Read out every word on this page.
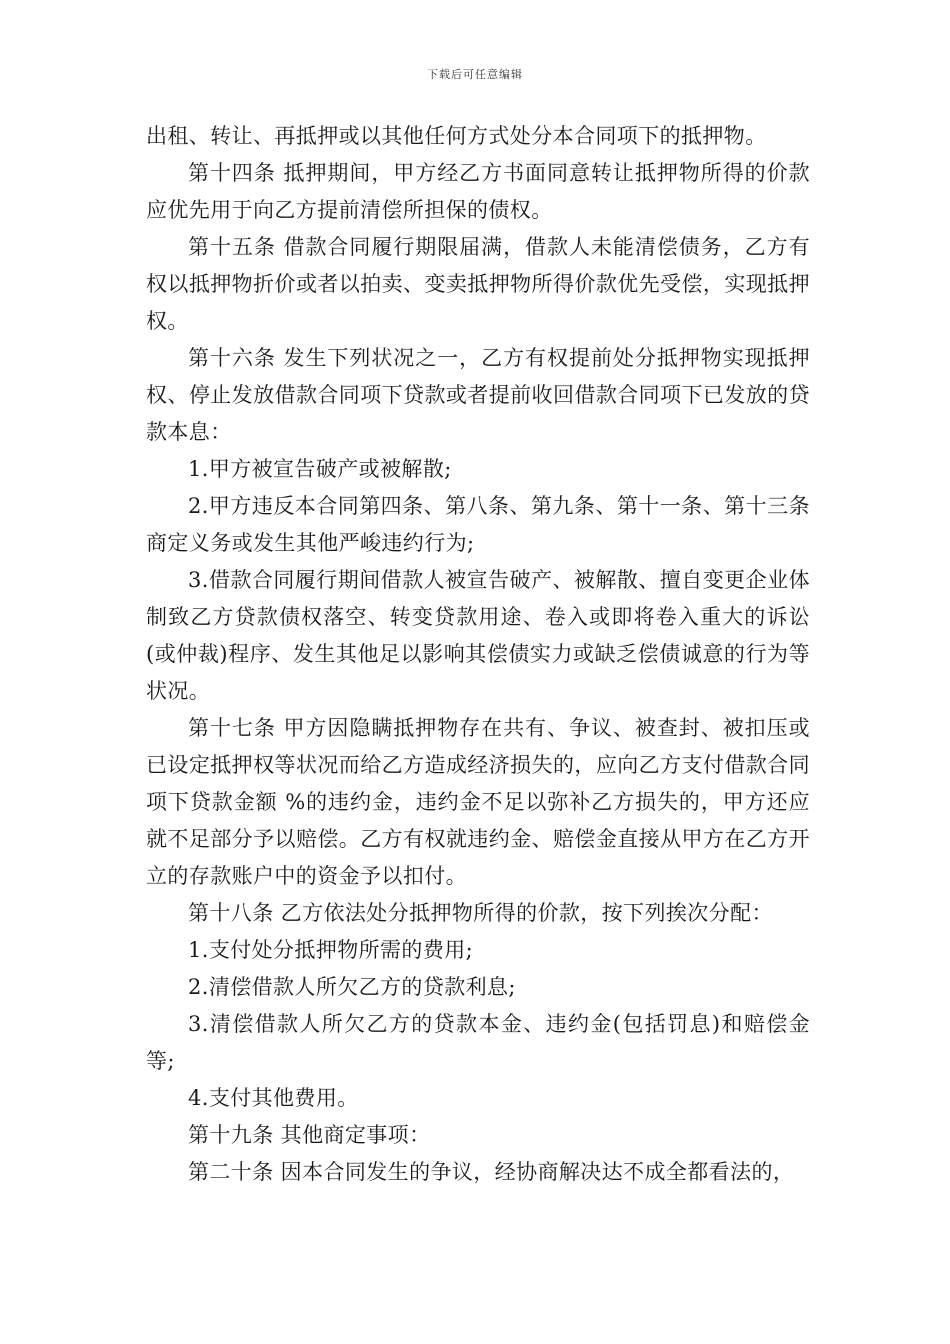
下载后可任意编辑

出租、转让、再抵押或以其他任何方式处分本合同项下的抵押物。

第十四条 抵押期间，甲方经乙方书面同意转让抵押物所得的价款应优先用于向乙方提前清偿所担保的债权。

第十五条 借款合同履行期限届满，借款人未能清偿债务，乙方有权以抵押物折价或者以拍卖、变卖抵押物所得价款优先受偿，实现抵押权。

第十六条 发生下列状况之一，乙方有权提前处分抵押物实现抵押权、停止发放借款合同项下贷款或者提前收回借款合同项下已发放的贷款本息：

1.甲方被宣告破产或被解散;

2.甲方违反本合同第四条、第八条、第九条、第十一条、第十三条商定义务或发生其他严峻违约行为;

3.借款合同履行期间借款人被宣告破产、被解散、擅自变更企业体制致乙方贷款债权落空、转变贷款用途、卷入或即将卷入重大的诉讼(或仲裁)程序、发生其他足以影响其偿债实力或缺乏偿债诚意的行为等状况。

第十七条 甲方因隐瞒抵押物存在共有、争议、被查封、被扣压或已设定抵押权等状况而给乙方造成经济损失的，应向乙方支付借款合同项下贷款金额 %的违约金，违约金不足以弥补乙方损失的，甲方还应就不足部分予以赔偿。乙方有权就违约金、赔偿金直接从甲方在乙方开立的存款账户中的资金予以扣付。

第十八条 乙方依法处分抵押物所得的价款，按下列挨次分配：

1.支付处分抵押物所需的费用;

2.清偿借款人所欠乙方的贷款利息;

3.清偿借款人所欠乙方的贷款本金、违约金(包括罚息)和赔偿金等;

4.支付其他费用。

第十九条 其他商定事项：

第二十条 因本合同发生的争议，经协商解决达不成全都看法的，
